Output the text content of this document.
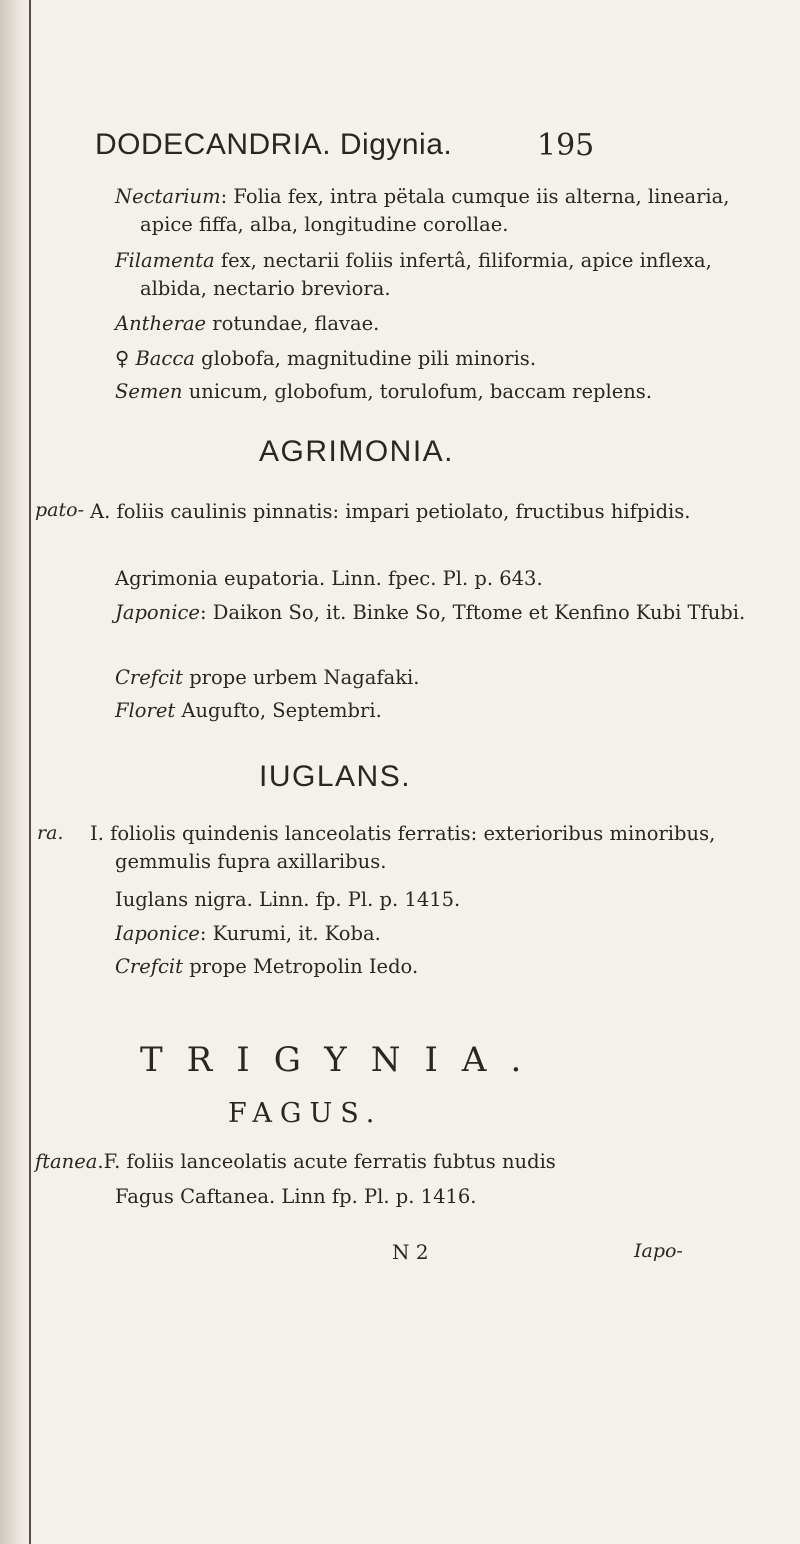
DODECANDRIA. Digynia.	195
Nectarium: Folia fex, intra pëtala cumque iis alterna, linearia, apice fiffa, alba, longitudine corollae.
Filamenta fex, nectarii foliis infertâ, filiformia, apice inflexa, albida, nectario breviora.
Antherae rotundae, flavae.
♀ Bacca globofa, magnitudine pili minoris.
Semen unicum, globofum, torulofum, baccam replens.
AGRIMONIA.
pato- A. foliis caulinis pinnatis: impari petiolato, fructibus hifpidis.
Agrimonia eupatoria. Linn. fpec. Pl. p. 643.
Japonice: Daikon So, it. Binke So, Tftome et Kenfino Kubi Tfubi.
Crefcit prope urbem Nagafaki.
Floret Augufto, Septembri.
IUGLANS.
ra. I. foliolis quindenis lanceolatis ferratis: exterioribus minoribus, gemmulis fupra axillaribus.
Iuglans nigra. Linn. fp. Pl. p. 1415.
Iaponice: Kurumi, it. Koba.
Crefcit prope Metropolin Iedo.
TRIGYNIA.
FAGUS.
ftanea.F. foliis lanceolatis acute ferratis fubtus nudis
Fagus Caftanea. Linn fp. Pl. p. 1416.
N 2	Iapo-
